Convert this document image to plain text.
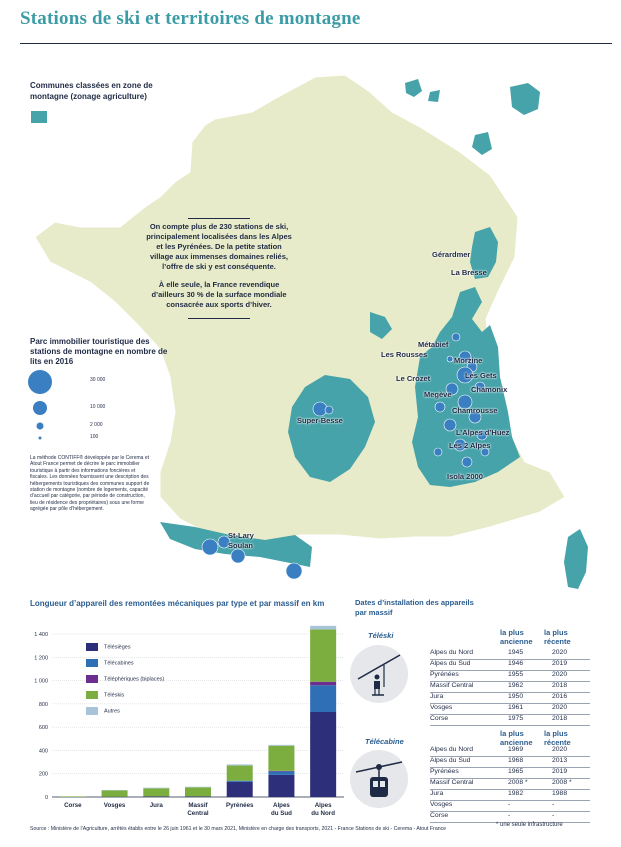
Stations de ski et territoires de montagne
Communes classées en zone de montagne (zonage agriculture)

On compte plus de 230 stations de ski, principalement localisées dans les Alpes et les Pyrénées. De la petite station village aux immenses domaines reliés, l’offre de ski y est conséquente.

À elle seule, la France revendique d’ailleurs 30 % de la surface mondiale consacrée aux sports d’hiver.

Parc immobilier touristique des stations de montagne en nombre de lits en 2016
30 000
10 000
2 000
100
La méthode CONTIFF® développée par le Cerema et Atout France permet de décrire le parc immobilier touristique à partir des informations foncières et fiscales. Les données fournissent une description des hébergements touristiques des communes support de station de montagne (nombre de logements, capacité d’accueil par catégorie, par période de construction, lieu de résidence des propriétaires) sous une forme agrégée par pôle d’hébergement.
Gérardmer
La Bresse
Métabief
Les Rousses
Morzine
Les Gets
Chamonix
Le Crozet
Megève
Chamrousse
L’Alpes d’Huez
Les 2 Alpes
Isola 2000
Super-Besse
St-Lary Soulan
Longueur d’appareil des remontées mécaniques par type et par massif en km
0
200
400
600
800
1 000
1 200
1 400
Corse	Vosges	Jura	Massif
Central
Pyrénées	Alpes
du Sud
Alpes
du Nord
Télésièges
Télécabines
Téléphériques (biplaces)
Téléskis
Autres
Dates d’installation des appareils par massif
Téléski	la plus ancienne
la plus récente
Alpes du Nord	1945	2020
Alpes du Sud	1946	2019
Pyrénées	1955	2020
Massif Central	1962	2018
Jura	1950	2016
Vosges	1961	2020
Corse	1975	2018
Télécabine
la plus ancienne
la plus récente
Alpes du Nord	1969	2020
Alpes du Sud	1968	2013
Pyrénées	1965	2019
Massif Central	2008 *	2008 *
Jura	1982	1988
Vosges	-	-
Corse	-	-
* une seule infrastructure
Source : Ministère de l’Agriculture, arrêtés établis entre le 26 juin 1961 et le 30 mars 2021, Ministère en charge des transports, 2021 - France Stations de ski - Cerema - Atout France
